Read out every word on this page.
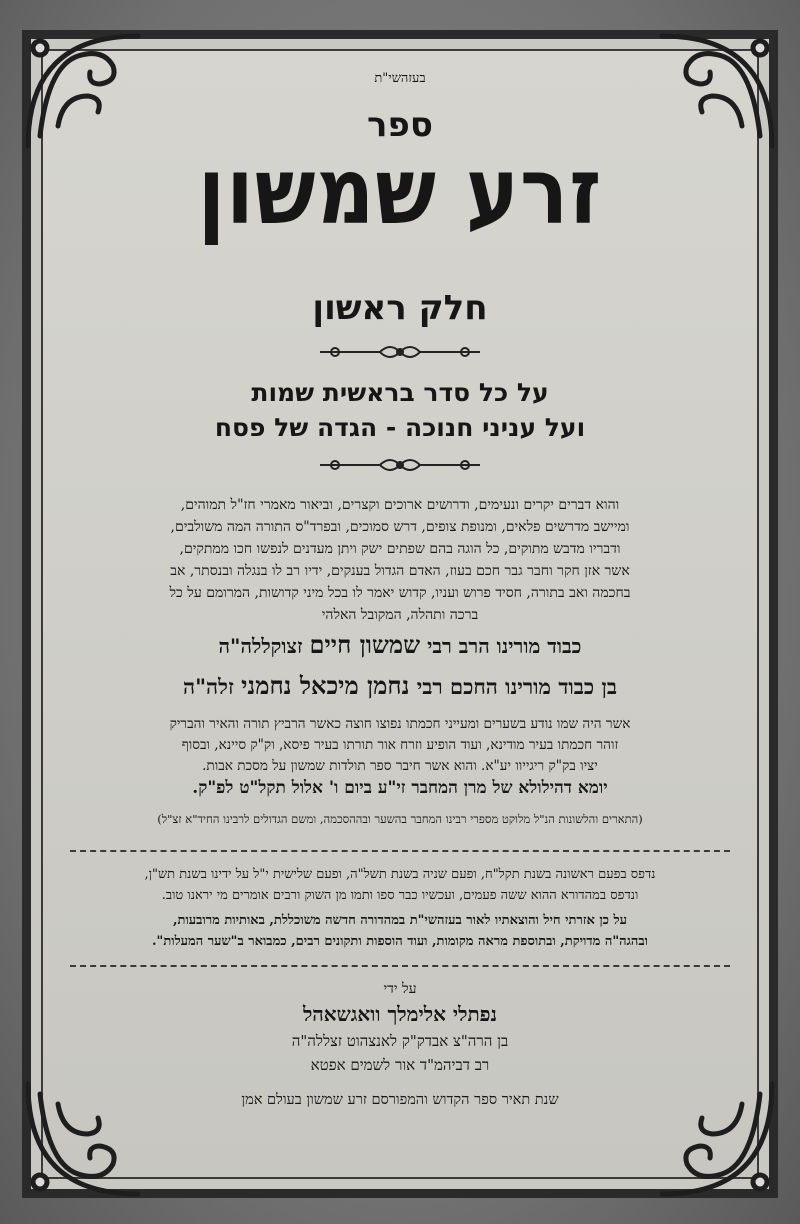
בעזהשי"ת
ספר
זרע שמשון
חלק ראשון
על כל סדר בראשית שמות
ועל עניני חנוכה - הגדה של פסח
והוא דברים יקרים ונעימים, ודרושים ארוכים וקצרים, וביאור מאמרי חז"ל תמוהים,
ומיישב מדרשים פלאים, ומנופת צופים, דרש סמוכים, ובפרד"ס התורה המה משולבים,
ודבריו מדבש מתוקים, כל הוגה בהם שפתים ישק ויתן מעדנים לנפשו חכו ממתקים,
אשר אזן חקר וחבר גבר חכם בעוז, האדם הגדול בענקים, ידיו רב לו בנגלה ובנסתר, אב
בחכמה ואב בתורה, חסיד פרוש ועניו, קדוש יאמר לו בכל מיני קדושות, המרומם על כל
ברכה ותהלה, המקובל האלהי
כבוד מורינו הרב רבי שמשון חיים זצוקללה"ה
בן כבוד מורינו החכם רבי נחמן מיכאל נחמני זלה"ה
אשר היה שמו נודע בשערים ומעייני חכמתו נפוצו חוצה כאשר הרביץ תורה והאיר והבריק
זוהר חכמתו בעיר מודינא, ועוד הופיע וזרח אור תורתו בעיר פיסא, וק"ק סיינא, ובסוף
יציו בק"ק ריגייוו יע"א. והוא אשר חיבר ספר תולדות שמשון על מסכת אבות.
יומא דהילולא של מרן המחבר זי"ע ביום ו' אלול תקל"ט לפ"ק.
(התארים והלשונות הנ"ל מלוקט מספרי רבינו המחבר בהשער ובההסכמה, ומשם הגדולים לרבינו החיד"א זצ"ל)
נדפס בפעם ראשונה בשנת תקל"ח, ופעם שניה בשנת תשל"ה, ופעם שלישית י"ל על ידינו בשנת תש"ן,
ונדפס במהדורא ההוא ששה פעמים, ועכשיו כבר ספו ותמו מן השוק ורבים אומרים מי יראנו טוב.
על כן אזרתי חיל והוצאתיו לאור בעזהשי"ת במהדורה חדשה משוכללת, באותיות מרובעות,
ובהגה"ה מדויקת, ובתוספת מראה מקומות, ועוד הוספות ותקונים רבים, כמבואר ב"שער המעלות".
על ידי
נפתלי אלימלך וואגשאהל
בן הרה"צ אבדק"ק לאנצהוט זצללה"ה
רב דביהמ"ד אור לשמים אפטא
שנת תאיר ספר הקדוש והמפורסם זרע שמשון בעולם אמן
